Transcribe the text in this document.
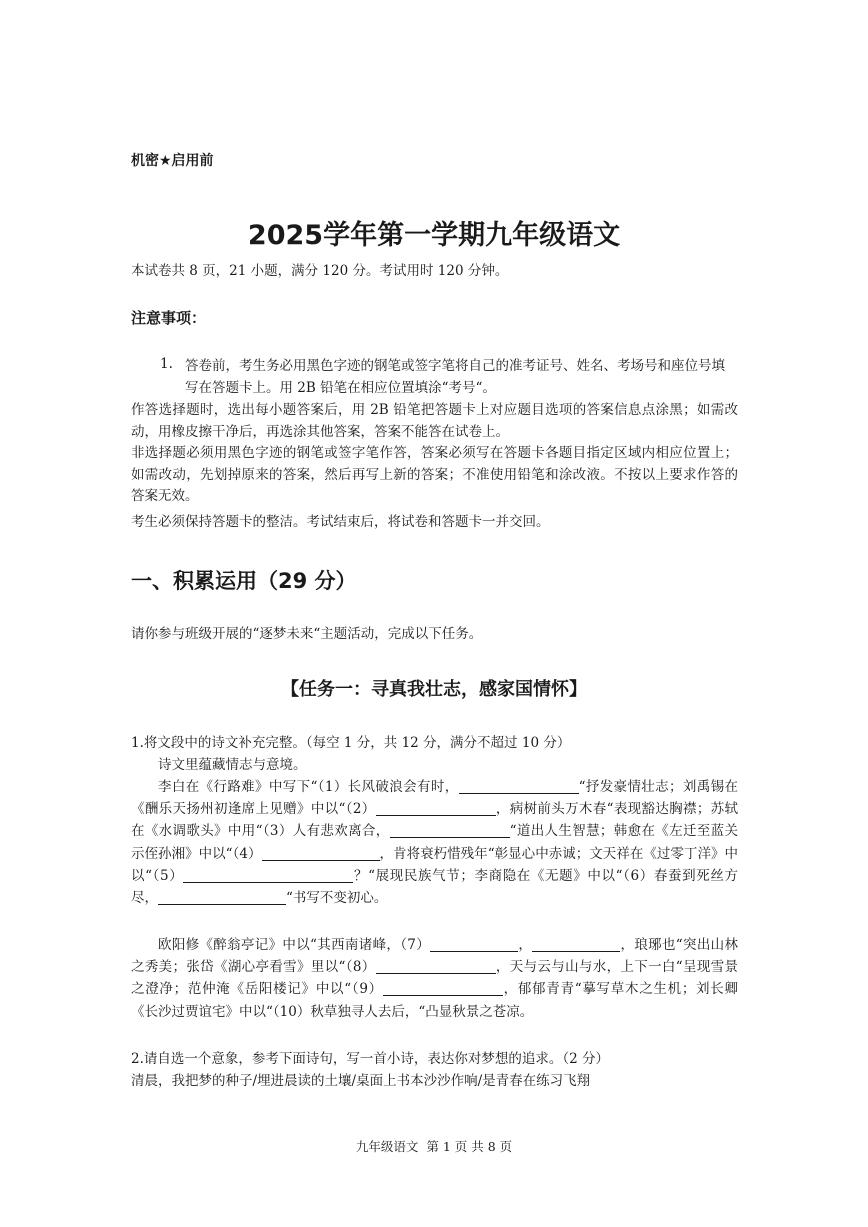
机密★启用前
2025学年第一学期九年级语文
本试卷共 8 页，21 小题，满分 120 分。考试用时 120 分钟。
注意事项：
1. 答卷前，考生务必用黑色字迹的钢笔或签字笔将自己的准考证号、姓名、考场号和座位号填写在答题卡上。用 2B 铅笔在相应位置填涂“考号“。
作答选择题时，选出每小题答案后，用 2B 铅笔把答题卡上对应题目选项的答案信息点涂黑；如需改动，用橡皮擦干净后，再选涂其他答案，答案不能答在试卷上。
非选择题必须用黑色字迹的钢笔或签字笔作答，答案必须写在答题卡各题目指定区域内相应位置上；如需改动，先划掉原来的答案，然后再写上新的答案；不准使用铅笔和涂改液。不按以上要求作答的答案无效。
考生必须保持答题卡的整洁。考试结束后，将试卷和答题卡一并交回。
一、积累运用（29 分）
请你参与班级开展的“逐梦未来“主题活动，完成以下任务。
【任务一：寻真我壮志，感家国情怀】
1.将文段中的诗文补充完整。（每空 1 分，共 12 分，满分不超过 10 分）
诗文里蕴藏情志与意境。
李白在《行路难》中写下“（1）长风破浪会有时，	“抒发豪情壮志；刘禹锡在《酬乐天扬州初逢席上见赠》中以“（2）	，病树前头万木春“表现豁达胸襟；苏轼在《水调歌头》中用“（3）人有悲欢离合，	“道出人生智慧；韩愈在《左迁至蓝关示侄孙湘》中以“（4）	，肯将衰朽惜残年“彰显心中赤诚；文天祥在《过零丁洋》中以“（5）	？“展现民族气节；李商隐在《无题》中以“（6）春蚕到死丝方尽，	“书写不变初心。
欧阳修《醉翁亭记》中以“其西南诸峰，（7）	，	，琅琊也“突出山林之秀美；张岱《湖心亭看雪》里以“（8）	，天与云与山与水，上下一白“呈现雪景之澄净；范仲淹《岳阳楼记》中以“（9）	，郁郁青青“摹写草木之生机；刘长卿《长沙过贾谊宅》中以“（10）秋草独寻人去后，“凸显秋景之苍凉。
2.请自选一个意象，参考下面诗句，写一首小诗，表达你对梦想的追求。（2 分）
清晨，我把梦的种子/埋进晨读的土壤/桌面上书本沙沙作响/是青春在练习飞翔
九年级语文 第 1 页 共 8 页
